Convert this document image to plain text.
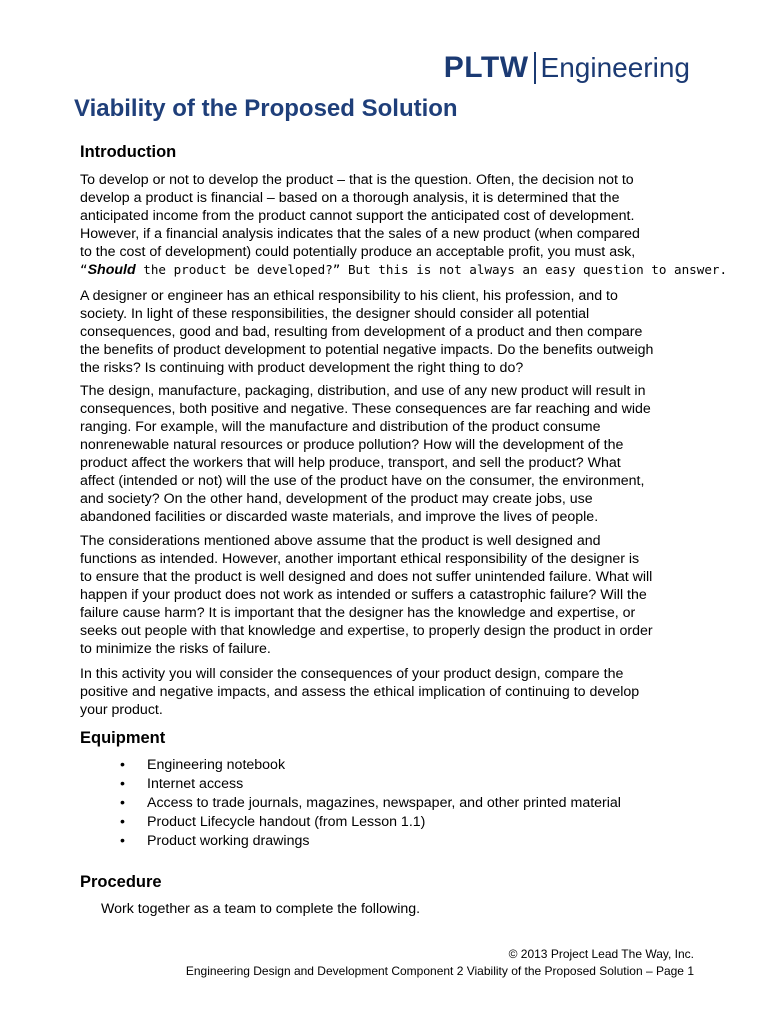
PLTW Engineering
Viability of the Proposed Solution
Introduction
To develop or not to develop the product – that is the question. Often, the decision not to
develop a product is financial – based on a thorough analysis, it is determined that the
anticipated income from the product cannot support the anticipated cost of development.
However, if a financial analysis indicates that the sales of a new product (when compared
to the cost of development) could potentially produce an acceptable profit, you must ask,
“Should the product be developed?” But this is not always an easy question to answer.
A designer or engineer has an ethical responsibility to his client, his profession, and to
society. In light of these responsibilities, the designer should consider all potential
consequences, good and bad, resulting from development of a product and then compare
the benefits of product development to potential negative impacts. Do the benefits outweigh
the risks? Is continuing with product development the right thing to do?
The design, manufacture, packaging, distribution, and use of any new product will result in
consequences, both positive and negative. These consequences are far reaching and wide
ranging. For example, will the manufacture and distribution of the product consume
nonrenewable natural resources or produce pollution? How will the development of the
product affect the workers that will help produce, transport, and sell the product? What
affect (intended or not) will the use of the product have on the consumer, the environment,
and society? On the other hand, development of the product may create jobs, use
abandoned facilities or discarded waste materials, and improve the lives of people.
The considerations mentioned above assume that the product is well designed and
functions as intended. However, another important ethical responsibility of the designer is
to ensure that the product is well designed and does not suffer unintended failure. What will
happen if your product does not work as intended or suffers a catastrophic failure? Will the
failure cause harm? It is important that the designer has the knowledge and expertise, or
seeks out people with that knowledge and expertise, to properly design the product in order
to minimize the risks of failure.
In this activity you will consider the consequences of your product design, compare the
positive and negative impacts, and assess the ethical implication of continuing to develop
your product.
Equipment
•	Engineering notebook
•	Internet access
•	Access to trade journals, magazines, newspaper, and other printed material
•	Product Lifecycle handout (from Lesson 1.1)
•	Product working drawings
Procedure

Work together as a team to complete the following.

© 2013 Project Lead The Way, Inc.
Engineering Design and Development Component 2 Viability of the Proposed Solution – Page 1
